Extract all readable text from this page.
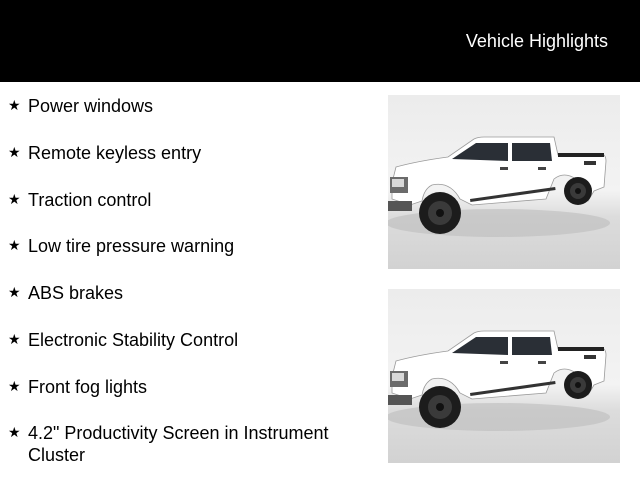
Vehicle Highlights
★ Power windows
★ Remote keyless entry
★ Traction control
★ Low tire pressure warning
★ ABS brakes
★ Electronic Stability Control
★ Front fog lights
★ 4.2" Productivity Screen in Instrument Cluster
